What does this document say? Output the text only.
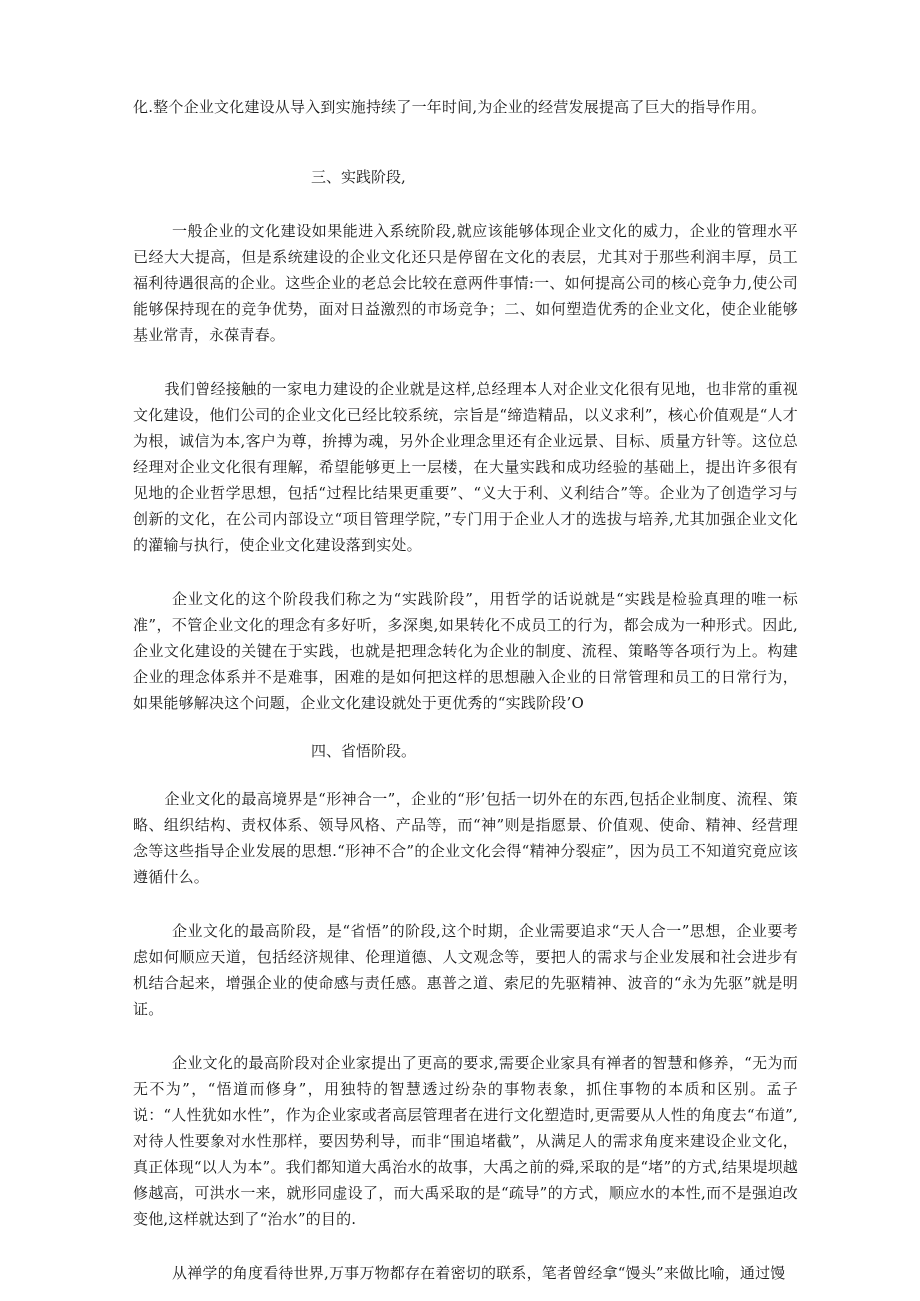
化.整个企业文化建设从导入到实施持续了一年时间,为企业的经营发展提高了巨大的指导作用。

三、实践阶段,

一般企业的文化建设如果能进入系统阶段,就应该能够体现企业文化的威力，企业的管理水平已经大大提高，但是系统建设的企业文化还只是停留在文化的表层，尤其对于那些利润丰厚，员工福利待遇很高的企业。这些企业的老总会比较在意两件事情:一、如何提高公司的核心竞争力,使公司能够保持现在的竞争优势，面对日益激烈的市场竞争；二、如何塑造优秀的企业文化，使企业能够基业常青，永葆青春。

我们曾经接触的一家电力建设的企业就是这样,总经理本人对企业文化很有见地，也非常的重视文化建设，他们公司的企业文化已经比较系统，宗旨是“缔造精品，以义求利”，核心价值观是“人才为根，诚信为本,客户为尊，拚搏为魂，另外企业理念里还有企业远景、目标、质量方针等。这位总经理对企业文化很有理解，希望能够更上一层楼，在大量实践和成功经验的基础上，提出许多很有见地的企业哲学思想，包括“过程比结果更重要”、“义大于利、义利结合”等。企业为了创造学习与创新的文化，在公司内部设立“项目管理学院，”专门用于企业人才的选拔与培养,尤其加强企业文化的灌输与执行，使企业文化建设落到实处。

企业文化的这个阶段我们称之为“实践阶段”，用哲学的话说就是“实践是检验真理的唯一标准”，不管企业文化的理念有多好听，多深奥,如果转化不成员工的行为，都会成为一种形式。因此,企业文化建设的关键在于实践，也就是把理念转化为企业的制度、流程、策略等各项行为上。构建企业的理念体系并不是难事，困难的是如何把这样的思想融入企业的日常管理和员工的日常行为，如果能够解决这个问题，企业文化建设就处于更优秀的“实践阶段’O

四、省悟阶段。

企业文化的最高境界是“形神合一”，企业的“形’包括一切外在的东西,包括企业制度、流程、策略、组织结构、责权体系、领导风格、产品等，而“神”则是指愿景、价值观、使命、精神、经营理念等这些指导企业发展的思想.“形神不合”的企业文化会得“精神分裂症”，因为员工不知道究竟应该遵循什么。

企业文化的最高阶段，是“省悟”的阶段,这个时期，企业需要追求“天人合一”思想，企业要考虑如何顺应天道，包括经济规律、伦理道德、人文观念等，要把人的需求与企业发展和社会进步有机结合起来，增强企业的使命感与责任感。惠普之道、索尼的先驱精神、波音的“永为先驱”就是明证。

企业文化的最高阶段对企业家提出了更高的要求,需要企业家具有禅者的智慧和修养，“无为而无不为”，“悟道而修身”，用独特的智慧透过纷杂的事物表象，抓住事物的本质和区别。孟子说：“人性犹如水性”，作为企业家或者高层管理者在进行文化塑造时,更需要从人性的角度去“布道”,对待人性要象对水性那样，要因势利导，而非“围追堵截”，从满足人的需求角度来建设企业文化，真正体现“以人为本”。我们都知道大禹治水的故事，大禹之前的舜,采取的是“堵”的方式,结果堤坝越修越高，可洪水一来，就形同虚设了，而大禹采取的是“疏导”的方式，顺应水的本性,而不是强迫改变他,这样就达到了“治水”的目的.

从禅学的角度看待世界,万事万物都存在着密切的联系，笔者曾经拿“馒头”来做比喻，通过馒
